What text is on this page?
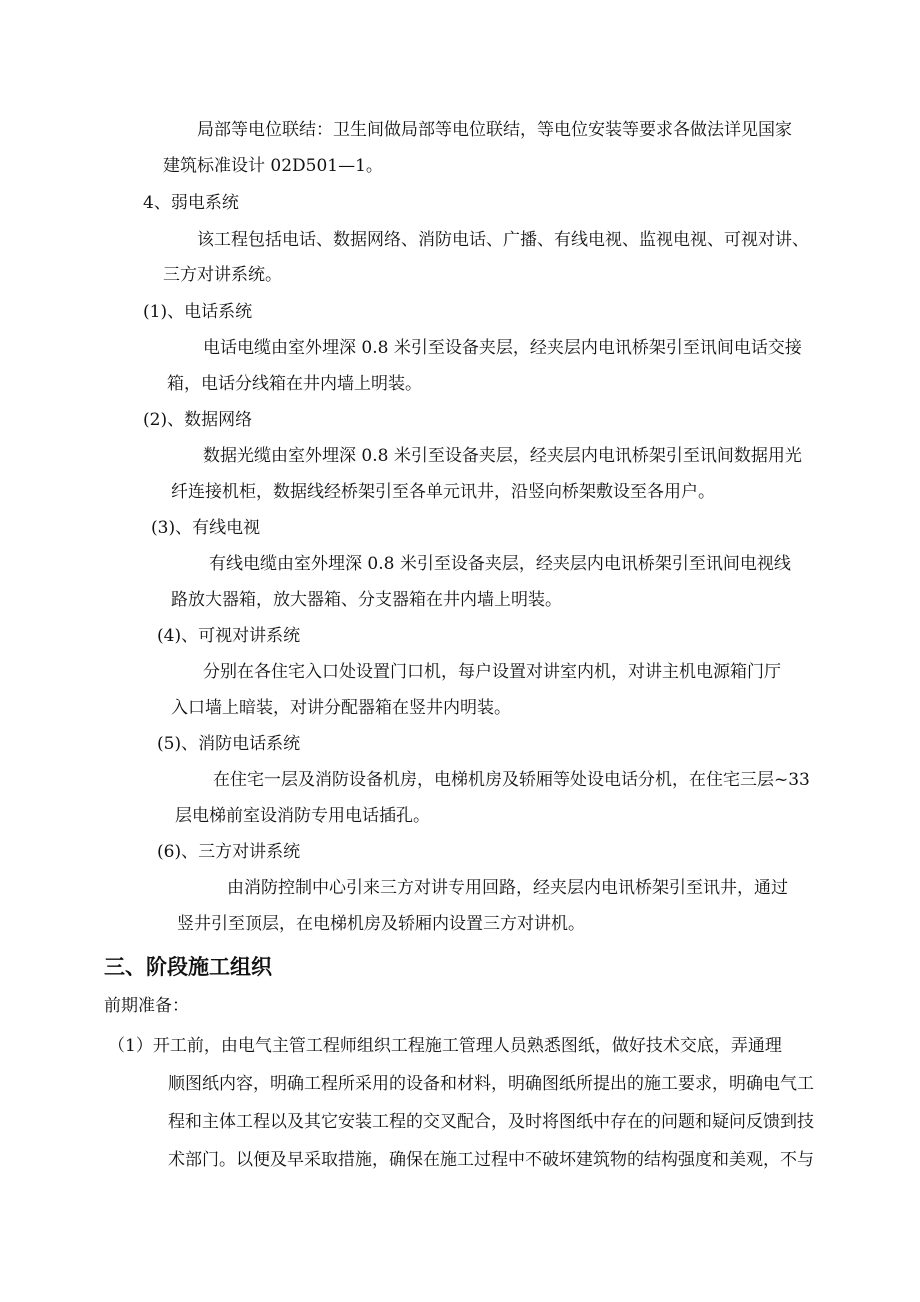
局部等电位联结：卫生间做局部等电位联结，等电位安装等要求各做法详见国家
建筑标准设计 02D501—1。
4、弱电系统
该工程包括电话、数据网络、消防电话、广播、有线电视、监视电视、可视对讲、
三方对讲系统。
(1)、电话系统
电话电缆由室外埋深 0.8 米引至设备夹层，经夹层内电讯桥架引至讯间电话交接
箱，电话分线箱在井内墙上明装。
(2)、数据网络
数据光缆由室外埋深 0.8 米引至设备夹层，经夹层内电讯桥架引至讯间数据用光
纤连接机柜，数据线经桥架引至各单元讯井，沿竖向桥架敷设至各用户。
(3)、有线电视
有线电缆由室外埋深 0.8 米引至设备夹层，经夹层内电讯桥架引至讯间电视线
路放大器箱，放大器箱、分支器箱在井内墙上明装。
(4)、可视对讲系统
分别在各住宅入口处设置门口机，每户设置对讲室内机，对讲主机电源箱门厅
入口墙上暗装，对讲分配器箱在竖井内明装。
(5)、消防电话系统
在住宅一层及消防设备机房，电梯机房及轿厢等处设电话分机，在住宅三层~33
层电梯前室设消防专用电话插孔。
(6)、三方对讲系统
由消防控制中心引来三方对讲专用回路，经夹层内电讯桥架引至讯井，通过
竖井引至顶层，在电梯机房及轿厢内设置三方对讲机。
三、阶段施工组织
前期准备：
（1）开工前，由电气主管工程师组织工程施工管理人员熟悉图纸，做好技术交底，弄通理
顺图纸内容，明确工程所采用的设备和材料，明确图纸所提出的施工要求，明确电气工
程和主体工程以及其它安装工程的交叉配合，及时将图纸中存在的问题和疑问反馈到技
术部门。以便及早采取措施，确保在施工过程中不破坏建筑物的结构强度和美观，不与
